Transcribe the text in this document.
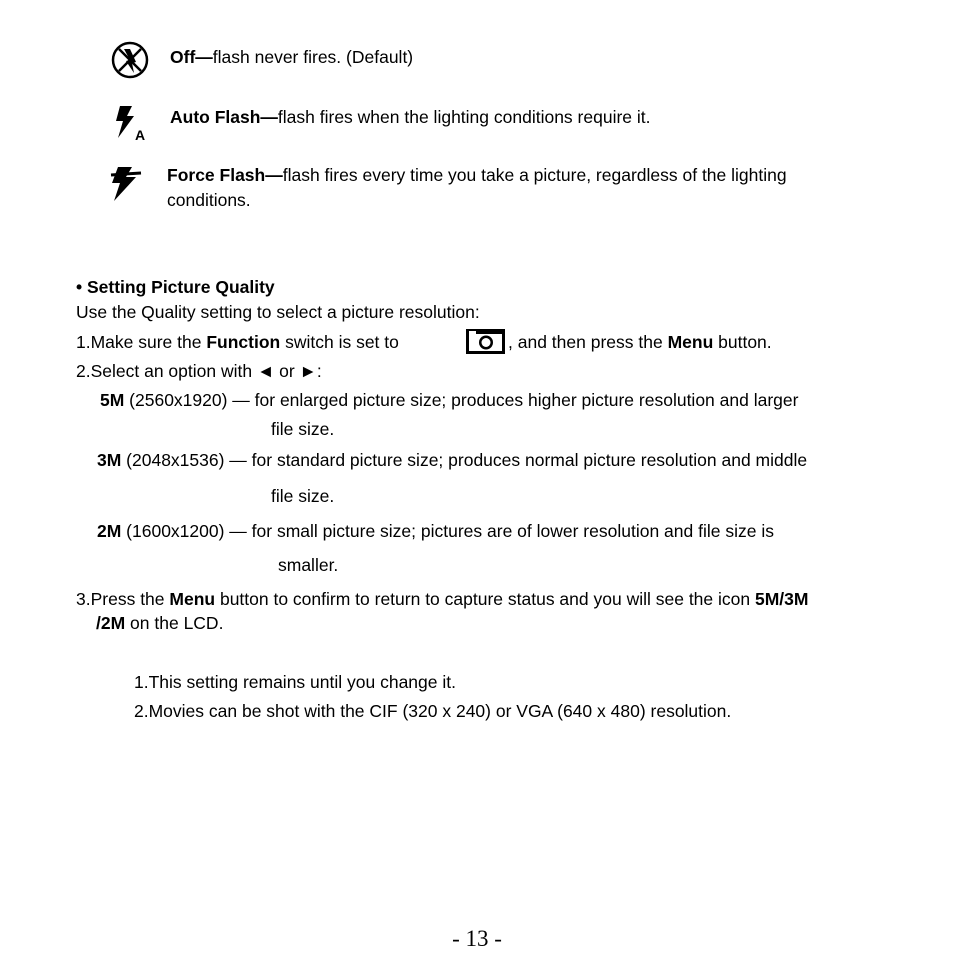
Off—flash never fires. (Default)
A
Auto Flash—flash fires when the lighting conditions require it.
Force Flash—flash fires every time you take a picture, regardless of the lighting
conditions.
• Setting Picture Quality
Use the Quality setting to select a picture resolution:
1.Make sure the Function switch is set to	, and then press the Menu button.
2.Select an option with ◄ or ►:
5M (2560x1920) — for enlarged picture size; produces higher picture resolution and larger
file size.
3M (2048x1536) — for standard picture size; produces normal picture resolution and middle
file size.
2M (1600x1200) — for small picture size; pictures are of lower resolution and file size is
smaller.
3.Press the Menu button to confirm to return to capture status and you will see the icon 5M/3M
/2M on the LCD.
1.This setting remains until you change it.
2.Movies can be shot with the CIF (320 x 240) or VGA (640 x 480) resolution.
- 13 -
